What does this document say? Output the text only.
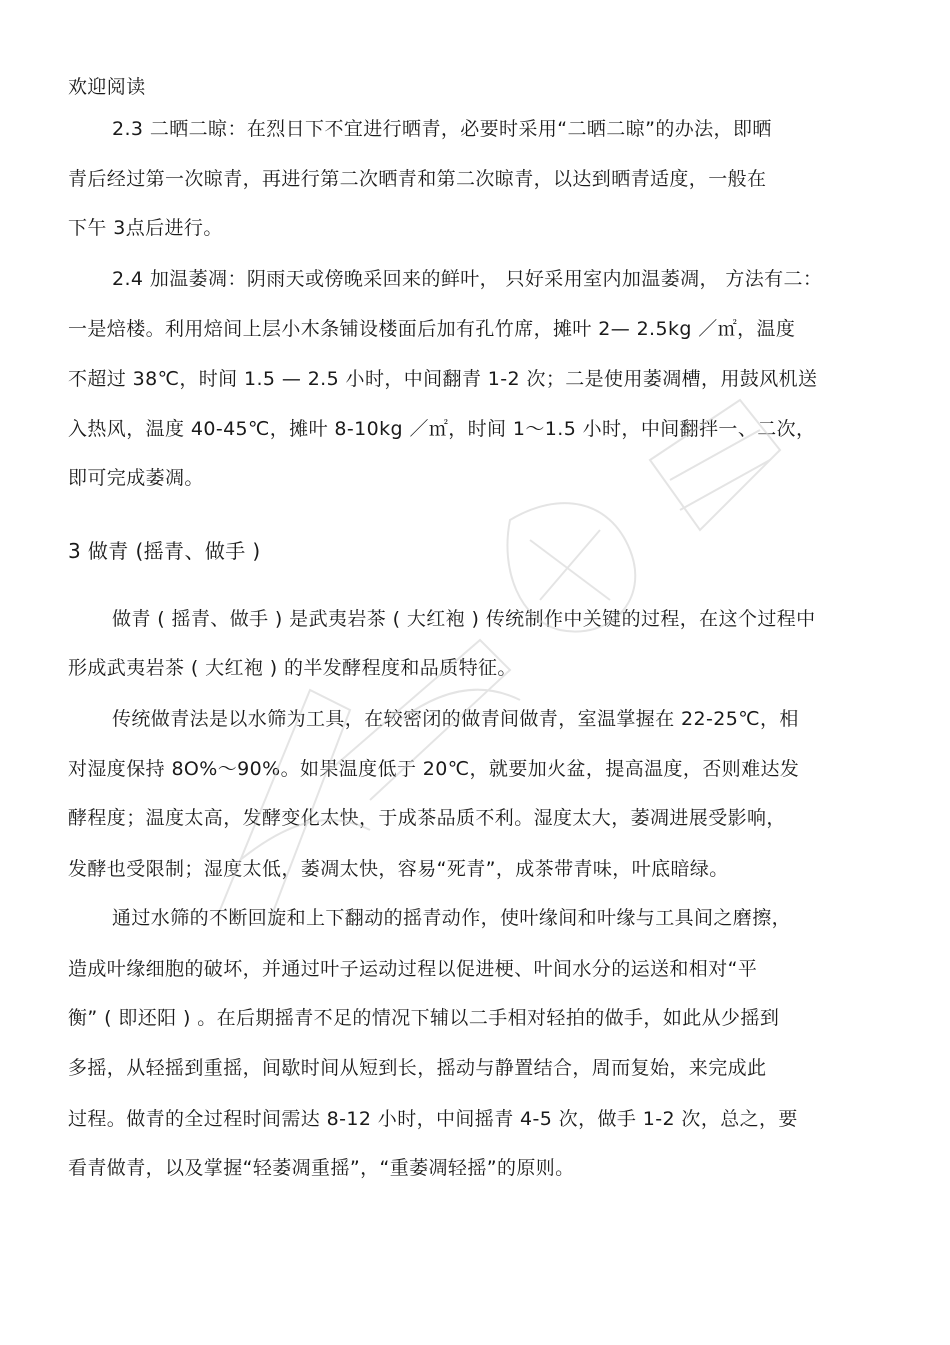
欢迎阅读
2.3 二晒二晾：在烈日下不宜进行晒青，必要时采用“二晒二晾”的办法，即晒
青后经过第一次晾青，再进行第二次晒青和第二次晾青，以达到晒青适度，一般在
下午 3点后进行。
2.4 加温萎凋：阴雨天或傍晚采回来的鲜叶， 只好采用室内加温萎凋， 方法有二：
一是焙楼。利用焙间上层小木条铺设楼面后加有孔竹席，摊叶 2— 2.5kg ／㎡，温度
不超过 38℃，时间 1.5 — 2.5 小时，中间翻青 1-2 次；二是使用萎凋槽，用鼓风机送
入热风，温度 40-45℃，摊叶 8-10kg ／㎡，时间 1～1.5 小时，中间翻拌一、二次，
即可完成萎凋。
3 做青 (摇青、做手 )
做青 ( 摇青、做手 ) 是武夷岩茶 ( 大红袍 ) 传统制作中关键的过程，在这个过程中
形成武夷岩茶 ( 大红袍 ) 的半发酵程度和品质特征。
传统做青法是以水筛为工具，在较密闭的做青间做青，室温掌握在 22-25℃，相
对湿度保持 8O%～90%。如果温度低于 20℃，就要加火盆，提高温度，否则难达发
酵程度；温度太高，发酵变化太快，于成茶品质不利。湿度太大，萎凋进展受影响，
发酵也受限制；湿度太低，萎凋太快，容易“死青”，成茶带青味，叶底暗绿。
通过水筛的不断回旋和上下翻动的摇青动作，使叶缘间和叶缘与工具间之磨擦，
造成叶缘细胞的破坏，并通过叶子运动过程以促进梗、叶间水分的运送和相对“平
衡” ( 即还阳 ) 。在后期摇青不足的情况下辅以二手相对轻拍的做手，如此从少摇到
多摇，从轻摇到重摇，间歇时间从短到长，摇动与静置结合，周而复始，来完成此
过程。做青的全过程时间需达 8-12 小时，中间摇青 4-5 次，做手 1-2 次，总之，要
看青做青，以及掌握“轻萎凋重摇”，“重萎凋轻摇”的原则。
